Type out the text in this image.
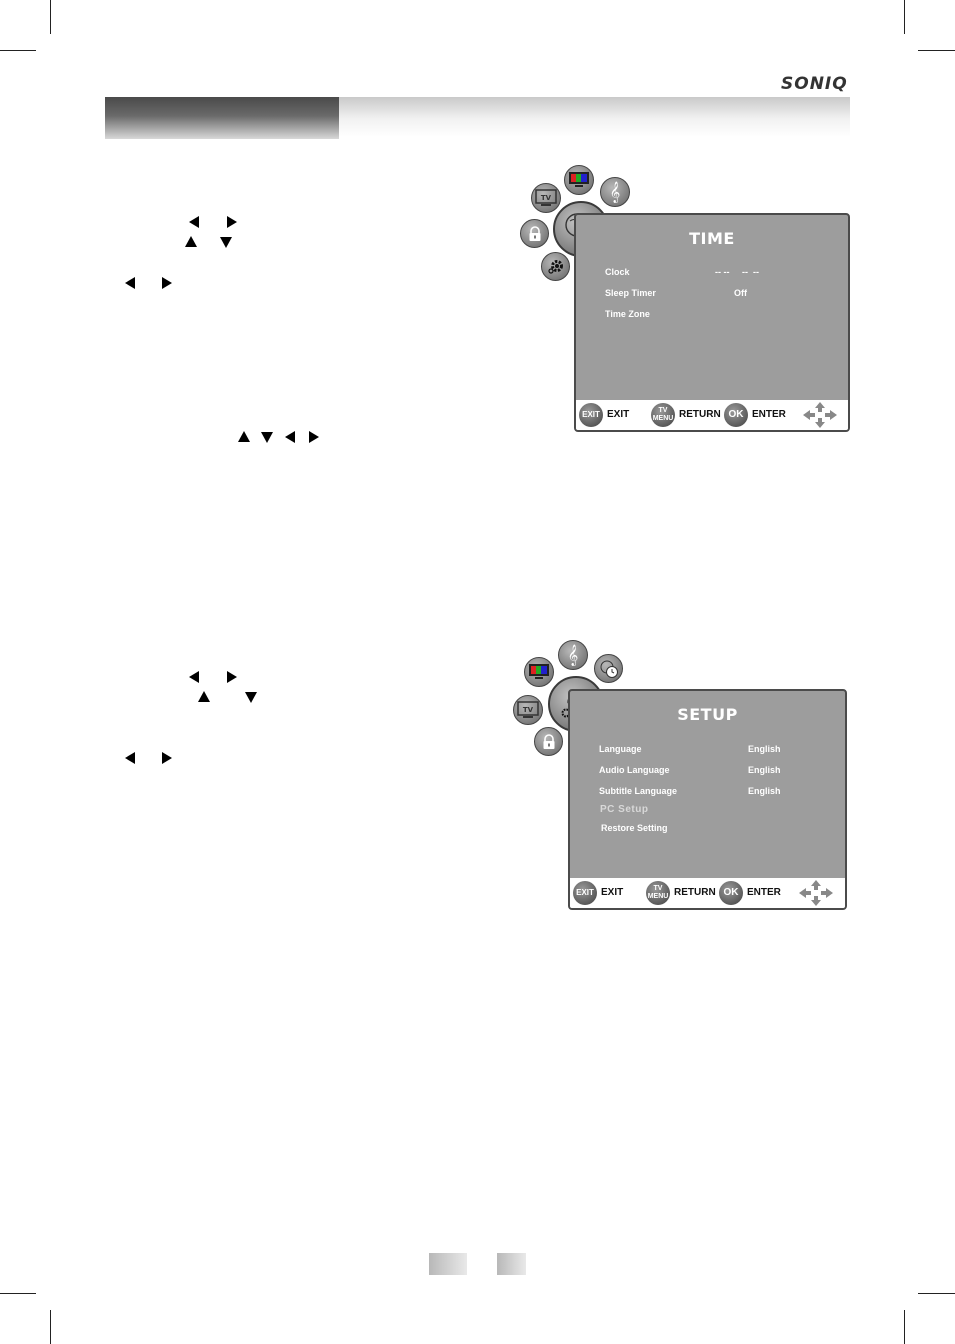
SONIQ
TV	𝄞
TIME
Clock	-- --     --  --
Sleep Timer	Off
Time Zone
EXIT EXIT	TV
MENU RETURN OK ENTER
𝄞
TV	SETUP
Language	English
Audio Language	English
Subtitle Language	English
PC Setup
Restore Setting
EXIT EXIT	TV
MENU RETURN OK ENTER
